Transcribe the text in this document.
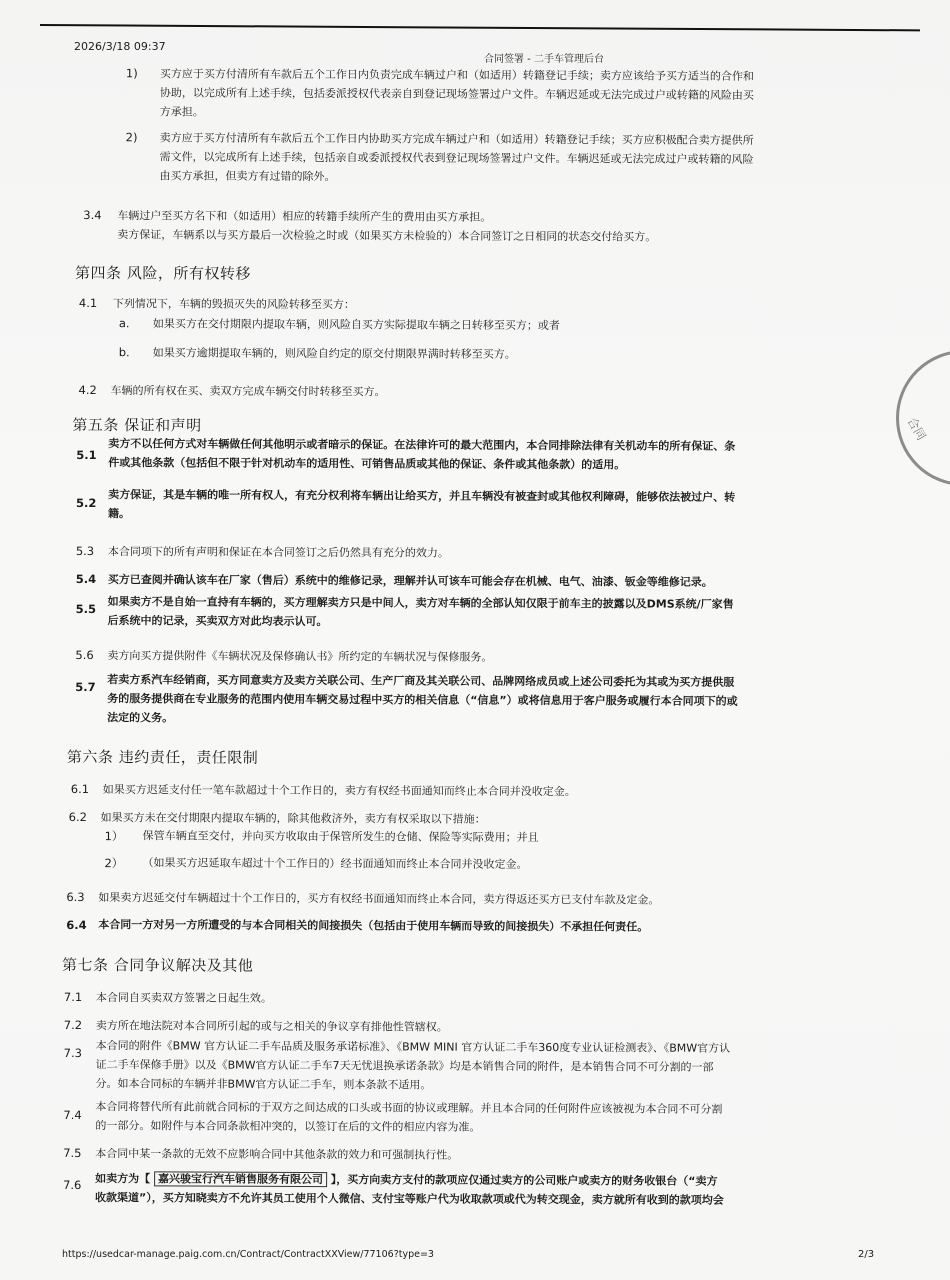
2026/3/18 09:37
合同签署 - 二手车管理后台
合同
1) 买方应于买方付清所有车款后五个工作日内负责完成车辆过户和（如适用）转籍登记手续；卖方应该给予买方适当的合作和
协助，以完成所有上述手续，包括委派授权代表亲自到登记现场签署过户文件。车辆迟延或无法完成过户或转籍的风险由买
方承担。
2) 卖方应于买方付清所有车款后五个工作日内协助买方完成车辆过户和（如适用）转籍登记手续；买方应积极配合卖方提供所
需文件，以完成所有上述手续，包括亲自或委派授权代表到登记现场签署过户文件。车辆迟延或无法完成过户或转籍的风险
由买方承担，但卖方有过错的除外。
3.4 车辆过户至买方名下和（如适用）相应的转籍手续所产生的费用由买方承担。
卖方保证，车辆系以与买方最后一次检验之时或（如果买方未检验的）本合同签订之日相同的状态交付给买方。
第四条 风险，所有权转移
4.1 下列情况下，车辆的毁损灭失的风险转移至买方：
a. 如果买方在交付期限内提取车辆，则风险自买方实际提取车辆之日转移至买方；或者
b. 如果买方逾期提取车辆的，则风险自约定的原交付期限界满时转移至买方。
4.2 车辆的所有权在买、卖双方完成车辆交付时转移至买方。
第五条 保证和声明
5.1
卖方不以任何方式对车辆做任何其他明示或者暗示的保证。在法律许可的最大范围内，本合同排除法律有关机动车的所有保证、条
件或其他条款（包括但不限于针对机动车的适用性、可销售品质或其他的保证、条件或其他条款）的适用。
5.2 卖方保证，其是车辆的唯一所有权人，有充分权利将车辆出让给买方，并且车辆没有被查封或其他权利障碍，能够依法被过户、转
籍。
5.3 本合同项下的所有声明和保证在本合同签订之后仍然具有充分的效力。
5.4 买方已查阅并确认该车在厂家（售后）系统中的维修记录，理解并认可该车可能会存在机械、电气、油漆、钣金等维修记录。
5.5 如果卖方不是自始一直持有车辆的，买方理解卖方只是中间人，卖方对车辆的全部认知仅限于前车主的披露以及DMS系统/厂家售
后系统中的记录，买卖双方对此均表示认可。
5.6 卖方向买方提供附件《车辆状况及保修确认书》所约定的车辆状况与保修服务。
5.7 若卖方系汽车经销商，买方同意卖方及卖方关联公司、生产厂商及其关联公司、品牌网络成员或上述公司委托为其或为买方提供服
务的服务提供商在专业服务的范围内使用车辆交易过程中买方的相关信息（“信息”）或将信息用于客户服务或履行本合同项下的或
法定的义务。
第六条 违约责任，责任限制
6.1 如果买方迟延支付任一笔车款超过十个工作日的，卖方有权经书面通知而终止本合同并没收定金。
6.2 如果买方未在交付期限内提取车辆的，除其他救济外，卖方有权采取以下措施：
1） 保管车辆直至交付，并向买方收取由于保管所发生的仓储、保险等实际费用；并且
2） （如果买方迟延取车超过十个工作日的）经书面通知而终止本合同并没收定金。
6.3 如果卖方迟延交付车辆超过十个工作日的，买方有权经书面通知而终止本合同，卖方得返还买方已支付车款及定金。
6.4 本合同一方对另一方所遭受的与本合同相关的间接损失（包括由于使用车辆而导致的间接损失）不承担任何责任。
第七条 合同争议解决及其他
7.1 本合同自买卖双方签署之日起生效。
7.2 卖方所在地法院对本合同所引起的或与之相关的争议享有排他性管辖权。
7.3 本合同的附件《BMW 官方认证二手车品质及服务承诺标准》、《BMW MINI 官方认证二手车360度专业认证检测表》、《BMW官方认
证二手车保修手册》以及《BMW官方认证二手车7天无忧退换承诺条款》均是本销售合同的附件，是本销售合同不可分割的一部
分。如本合同标的车辆并非BMW官方认证二手车，则本条款不适用。
7.4 本合同将替代所有此前就合同标的于双方之间达成的口头或书面的协议或理解。并且本合同的任何附件应该被视为本合同不可分割
的一部分。如附件与本合同条款相冲突的，以签订在后的文件的相应内容为准。
7.5 本合同中某一条款的无效不应影响合同中其他条款的效力和可强制执行性。
7.6 如卖方为【 嘉兴骏宝行汽车销售服务有限公司 】，买方向卖方支付的款项应仅通过卖方的公司账户或卖方的财务收银台（“卖方
收款渠道”），买方知晓卖方不允许其员工使用个人微信、支付宝等账户代为收取款项或代为转交现金，卖方就所有收到的款项均会
https://usedcar-manage.paig.com.cn/Contract/ContractXXView/77106?type=3	2/3
